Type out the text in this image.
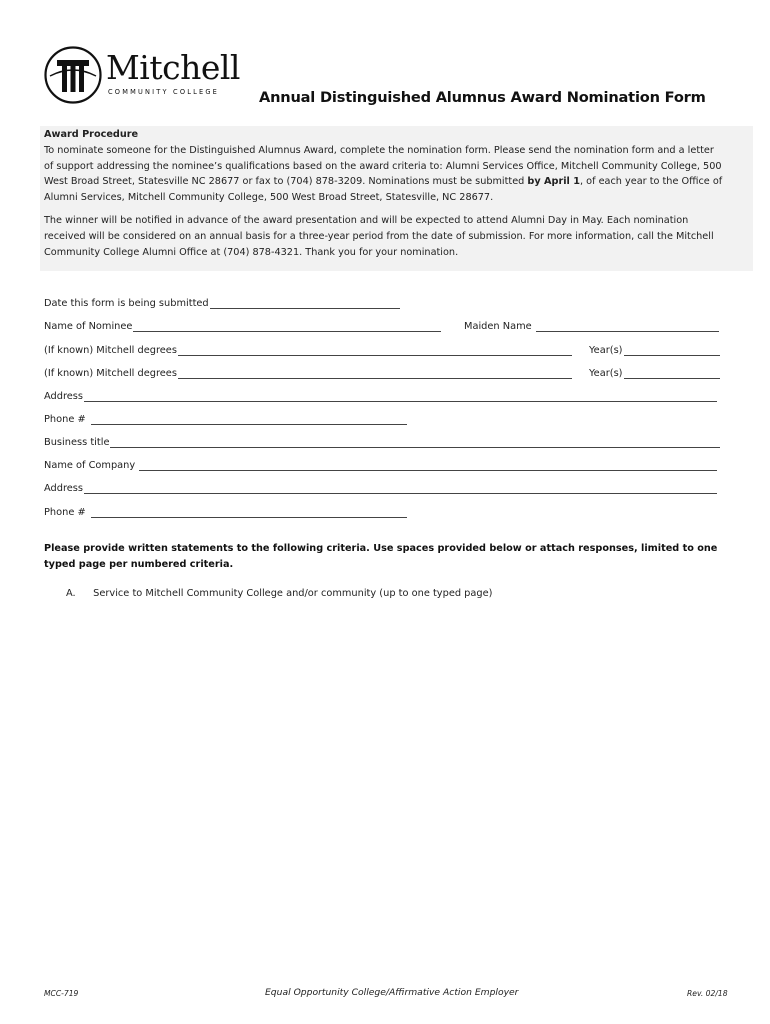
Mitchell
COMMUNITY COLLEGE	Annual Distinguished Alumnus Award Nomination Form
Award Procedure

To nominate someone for the Distinguished Alumnus Award, complete the nomination form. Please send the nomination form and a letter of support addressing the nominee’s qualifications based on the award criteria to: Alumni Services Office, Mitchell Community College, 500 West Broad Street, Statesville NC 28677 or fax to (704) 878-3209. Nominations must be submitted by April 1, of each year to the Office of Alumni Services, Mitchell Community College, 500 West Broad Street, Statesville, NC 28677.

The winner will be notified in advance of the award presentation and will be expected to attend Alumni Day in May. Each nomination received will be considered on an annual basis for a three-year period from the date of submission. For more information, call the Mitchell Community College Alumni Office at (704) 878-4321. Thank you for your nomination.

Date this form is being submitted
Name of Nominee	Maiden Name
(If known) Mitchell degrees	Year(s)
(If known) Mitchell degrees	Year(s)
Address
Phone #
Business title
Name of Company
Address
Phone #
Please provide written statements to the following criteria. Use spaces provided below or attach responses, limited to one typed page per numbered criteria.
A. Service to Mitchell Community College and/or community (up to one typed page)
MCC-719	Equal Opportunity College/Affirmative Action Employer	Rev. 02/18
